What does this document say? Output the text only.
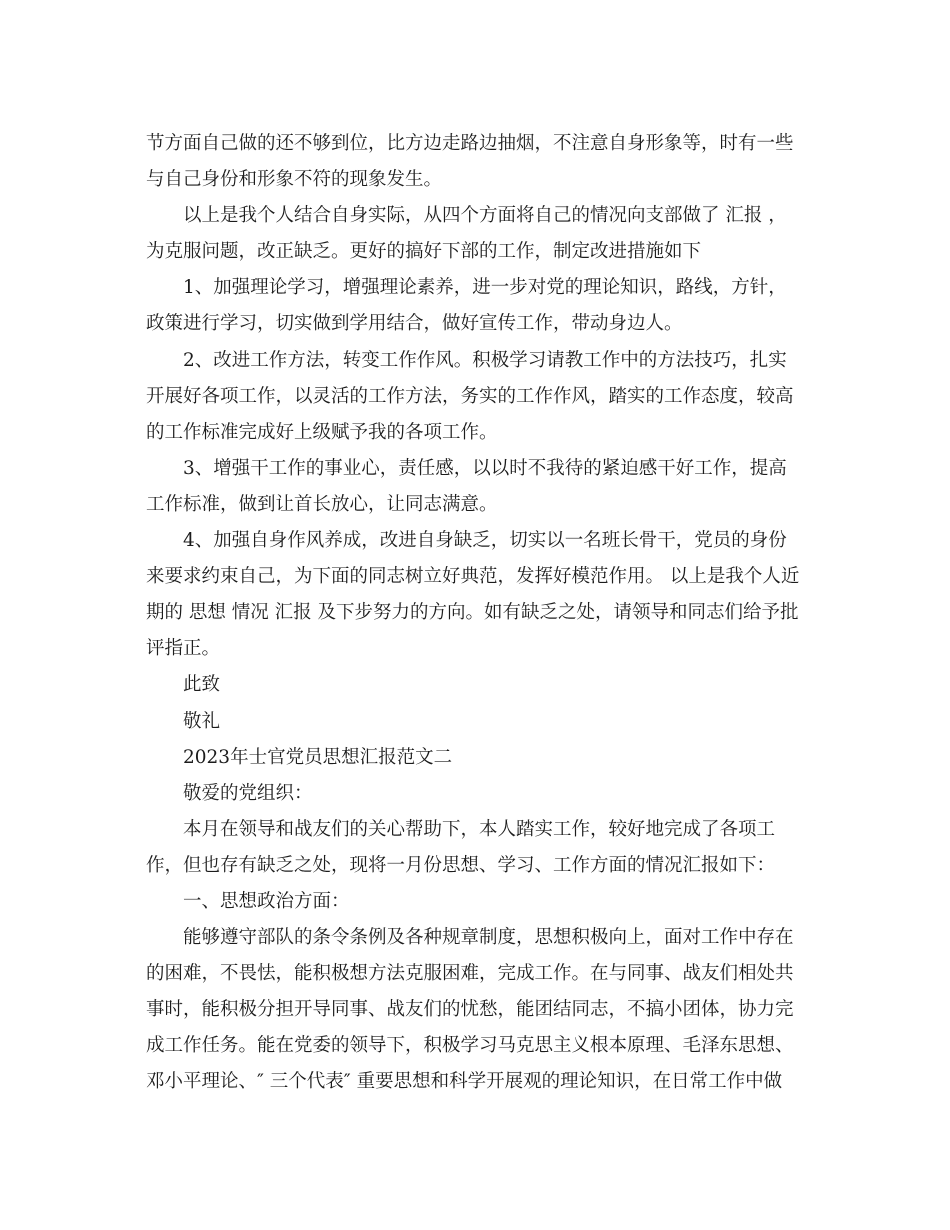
节方面自己做的还不够到位，比方边走路边抽烟，不注意自身形象等，时有一些
与自己身份和形象不符的现象发生。
以上是我个人结合自身实际，从四个方面将自己的情况向支部做了 汇报 ，
为克服问题，改正缺乏。更好的搞好下部的工作，制定改进措施如下
1、加强理论学习，增强理论素养，进一步对党的理论知识，路线，方针，
政策进行学习，切实做到学用结合，做好宣传工作，带动身边人。
2、改进工作方法，转变工作作风。积极学习请教工作中的方法技巧，扎实
开展好各项工作，以灵活的工作方法，务实的工作作风，踏实的工作态度，较高
的工作标准完成好上级赋予我的各项工作。
3、增强干工作的事业心，责任感，以以时不我待的紧迫感干好工作，提高
工作标准，做到让首长放心，让同志满意。
4、加强自身作风养成，改进自身缺乏，切实以一名班长骨干，党员的身份
来要求约束自己，为下面的同志树立好典范，发挥好模范作用。 以上是我个人近
期的 思想 情况 汇报 及下步努力的方向。如有缺乏之处，请领导和同志们给予批
评指正。
此致
敬礼
2023年士官党员思想汇报范文二
敬爱的党组织：
本月在领导和战友们的关心帮助下，本人踏实工作，较好地完成了各项工
作，但也存有缺乏之处，现将一月份思想、学习、工作方面的情况汇报如下：
一、思想政治方面：
能够遵守部队的条令条例及各种规章制度，思想积极向上，面对工作中存在
的困难，不畏怯，能积极想方法克服困难，完成工作。在与同事、战友们相处共
事时，能积极分担开导同事、战友们的忧愁，能团结同志，不搞小团体，协力完
成工作任务。能在党委的领导下，积极学习马克思主义根本原理、毛泽东思想、
邓小平理论、″ 三个代表″ 重要思想和科学开展观的理论知识，在日常工作中做
